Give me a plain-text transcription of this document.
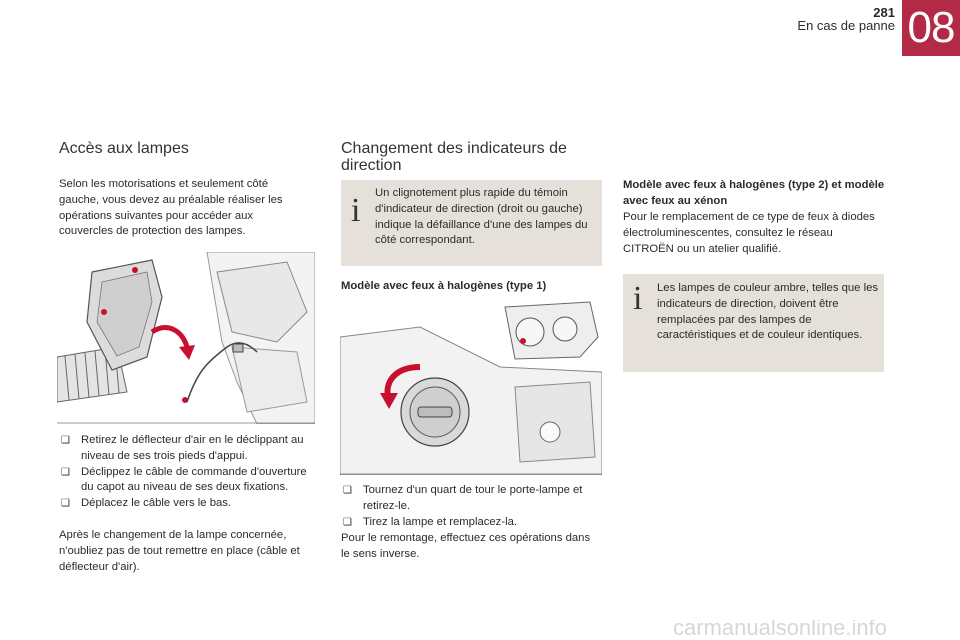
281
En cas de panne 08
Accès aux lampes

Selon les motorisations et seulement côté gauche, vous devez au préalable réaliser les opérations suivantes pour accéder aux couvercles de protection des lampes.

❑ Retirez le déflecteur d'air en le déclippant au niveau de ses trois pieds d'appui.
❑ Déclippez le câble de commande d'ouverture du capot au niveau de ses deux fixations.
❑ Déplacez le câble vers le bas.

Après le changement de la lampe concernée, n'oubliez pas de tout remettre en place (câble et déflecteur d'air).

Changement des indicateurs de direction
i Un clignotement plus rapide du témoin d'indicateur de direction (droit ou gauche) indique la défaillance d'une des lampes du côté correspondant.

Modèle avec feux à halogènes (type 1)

❑ Tournez d'un quart de tour le porte-lampe et retirez-le.
❑ Tirez la lampe et remplacez-la.

Pour le remontage, effectuez ces opérations dans le sens inverse.

Modèle avec feux à halogènes (type 2) et modèle avec feux au xénon

Pour le remplacement de ce type de feux à diodes électroluminescentes, consultez le réseau CITROËN ou un atelier qualifié.

i Les lampes de couleur ambre, telles que les indicateurs de direction, doivent être remplacées par des lampes de caractéristiques et de couleur identiques.

carmanualsonline.info
